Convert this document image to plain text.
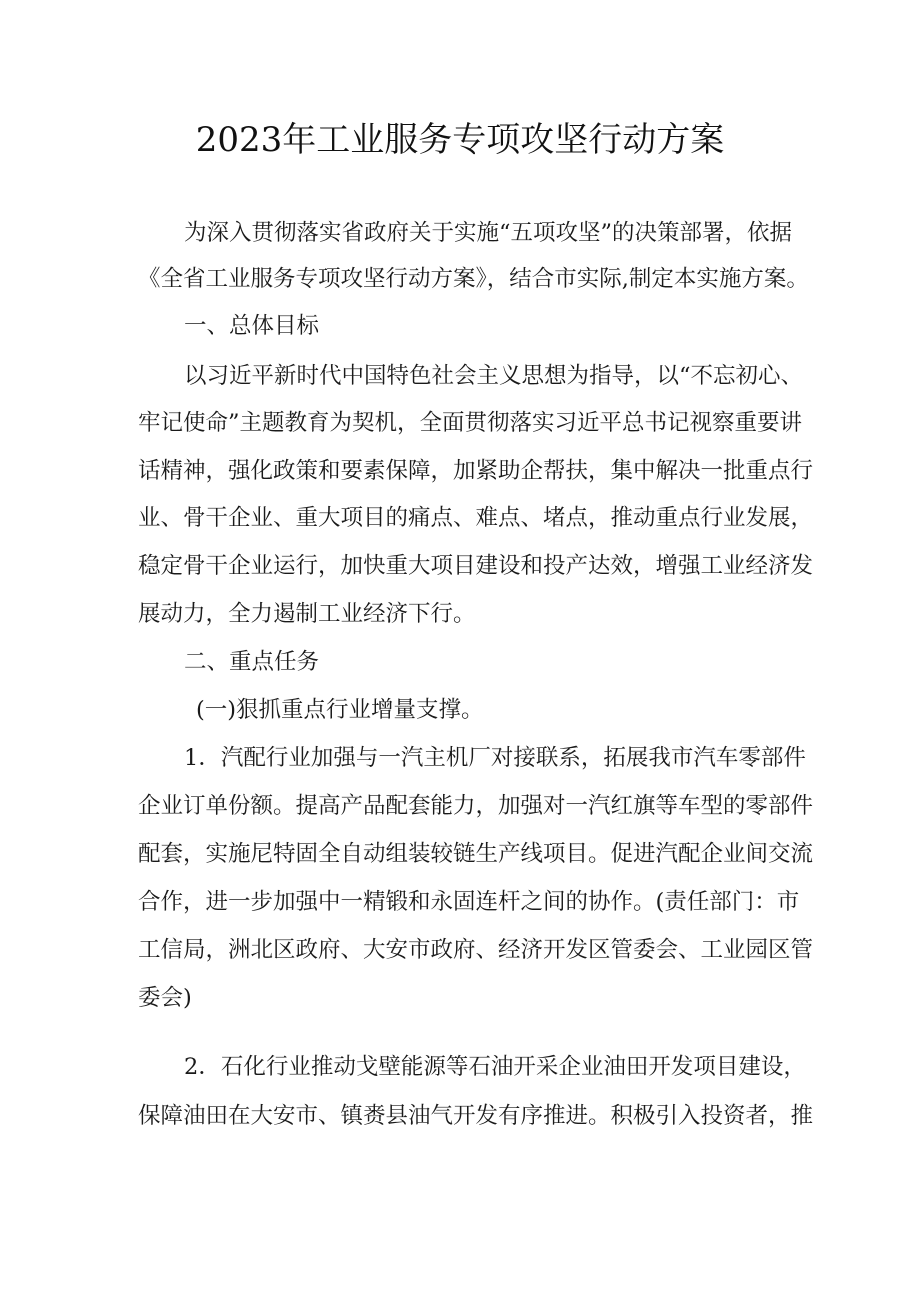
2023年工业服务专项攻坚行动方案
为深入贯彻落实省政府关于实施“五项攻坚”的决策部署，依据
《全省工业服务专项攻坚行动方案》，结合市实际,制定本实施方案。
一、总体目标
以习近平新时代中国特色社会主义思想为指导，以“不忘初心、
牢记使命”主题教育为契机，全面贯彻落实习近平总书记视察重要讲
话精神，强化政策和要素保障，加紧助企帮扶，集中解决一批重点行
业、骨干企业、重大项目的痛点、难点、堵点，推动重点行业发展，
稳定骨干企业运行，加快重大项目建设和投产达效，增强工业经济发
展动力，全力遏制工业经济下行。
二、重点任务
(一)狠抓重点行业增量支撑。
1．汽配行业加强与一汽主机厂对接联系，拓展我市汽车零部件
企业订单份额。提高产品配套能力，加强对一汽红旗等车型的零部件
配套，实施尼特固全自动组装较链生产线项目。促进汽配企业间交流
合作，进一步加强中一精锻和永固连杆之间的协作。(责任部门：市
工信局，洲北区政府、大安市政府、经济开发区管委会、工业园区管
委会)
2．石化行业推动戈壁能源等石油开采企业油田开发项目建设，
保障油田在大安市、镇赉县油气开发有序推进。积极引入投资者，推
